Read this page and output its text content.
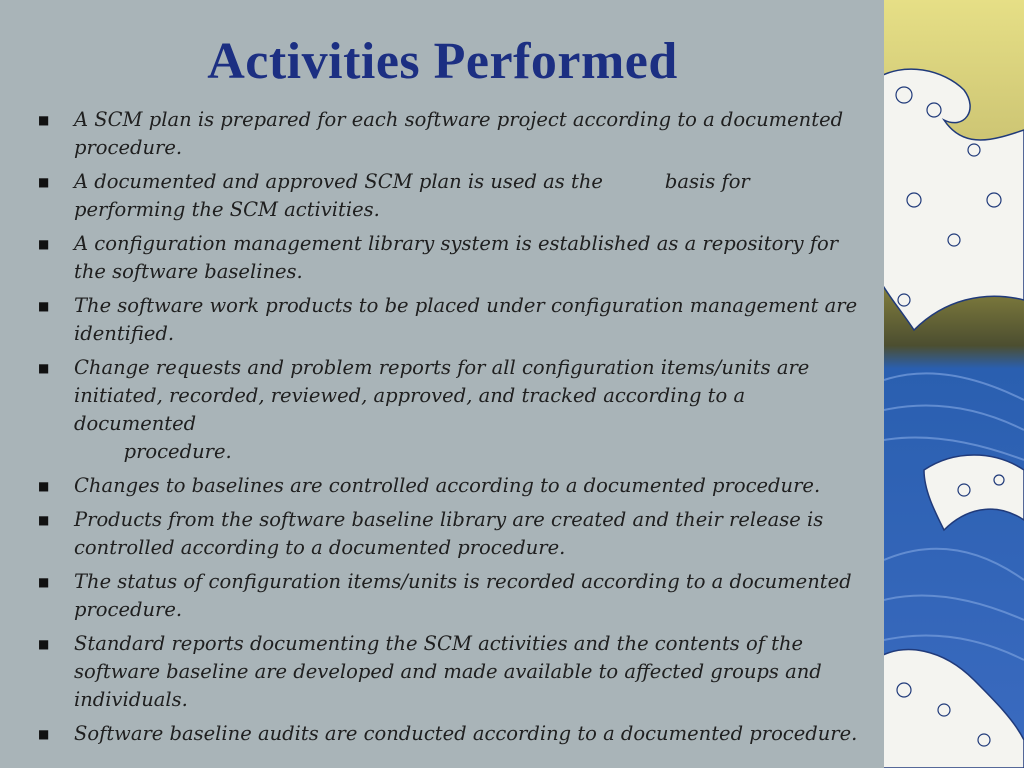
Activities Performed
■ A SCM plan is prepared for each software project according to a documented procedure.
■ A documented and approved SCM plan is used as the          basis for performing the SCM activities.
■ A configuration management library system is established as a repository for the software baselines.
■ The software work products to be placed under configuration management are identified.
■ Change requests and problem reports for all configuration items/units are initiated, recorded, reviewed, approved, and tracked according to a documented
procedure.
■ Changes to baselines are controlled according to a documented procedure.
■ Products from the software baseline library are created and their release is controlled according to a documented procedure.
■ The status of configuration items/units is recorded according to a documented procedure.
■ Standard reports documenting the SCM activities and the contents of the software baseline are developed and made available to affected groups and individuals.
■ Software baseline audits are conducted according to a documented procedure.
